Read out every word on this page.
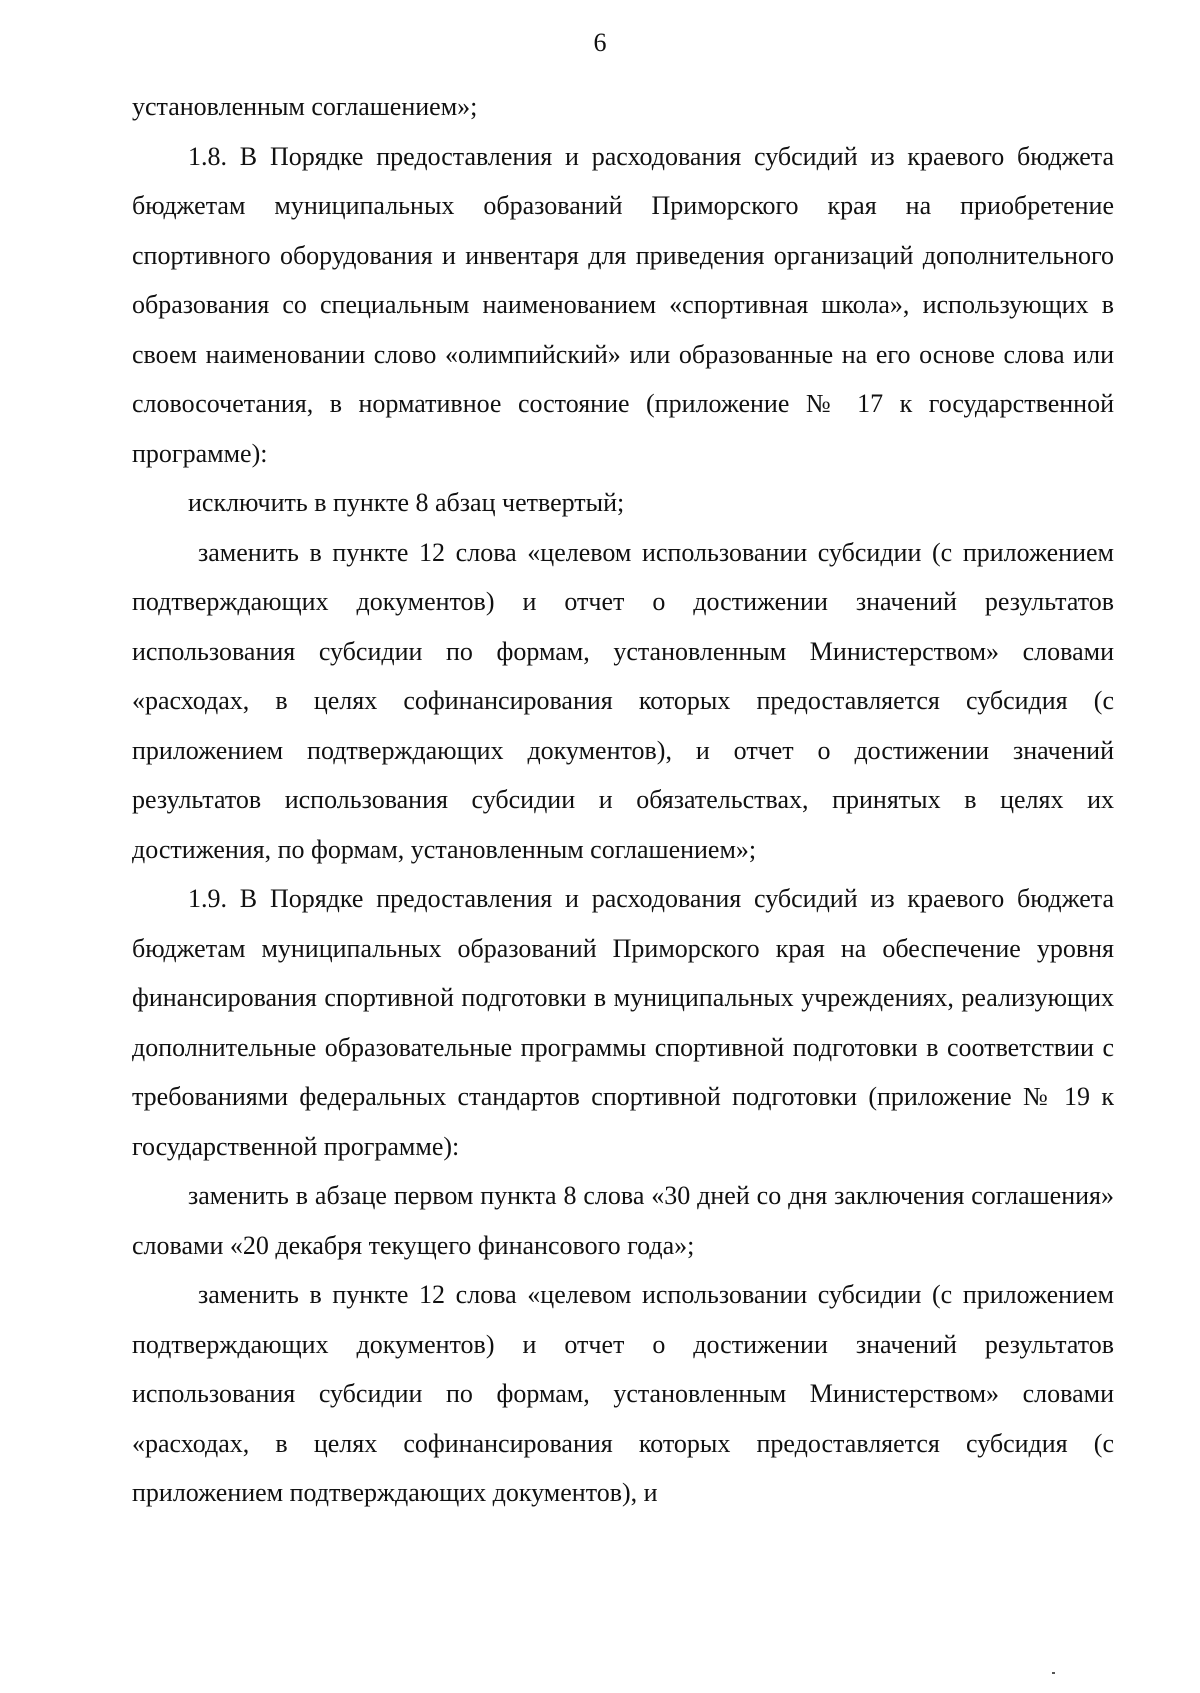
6

установленным соглашением»;

1.8. В Порядке предоставления и расходования субсидий из краевого бюджета бюджетам муниципальных образований Приморского края на приобретение спортивного оборудования и инвентаря для приведения организаций дополнительного образования со специальным наименованием «спортивная школа», использующих в своем наименовании слово «олимпийский» или образованные на его основе слова или словосочетания, в нормативное состояние (приложение № 17 к государственной программе):

исключить в пункте 8 абзац четвертый;

заменить в пункте 12 слова «целевом использовании субсидии (с приложением подтверждающих документов) и отчет о достижении значений результатов использования субсидии по формам, установленным Министерством» словами «расходах, в целях софинансирования которых предоставляется субсидия (с приложением подтверждающих документов), и отчет о достижении значений результатов использования субсидии и обязательствах, принятых в целях их достижения, по формам, установленным соглашением»;

1.9. В Порядке предоставления и расходования субсидий из краевого бюджета бюджетам муниципальных образований Приморского края на обеспечение уровня финансирования спортивной подготовки в муниципальных учреждениях, реализующих дополнительные образовательные программы спортивной подготовки в соответствии с требованиями федеральных стандартов спортивной подготовки (приложение № 19 к государственной программе):

заменить в абзаце первом пункта 8 слова «30 дней со дня заключения соглашения» словами «20 декабря текущего финансового года»;

заменить в пункте 12 слова «целевом использовании субсидии (с приложением подтверждающих документов) и отчет о достижении значений результатов использования субсидии по формам, установленным Министерством» словами «расходах, в целях софинансирования которых предоставляется субсидия (с приложением подтверждающих документов), и
